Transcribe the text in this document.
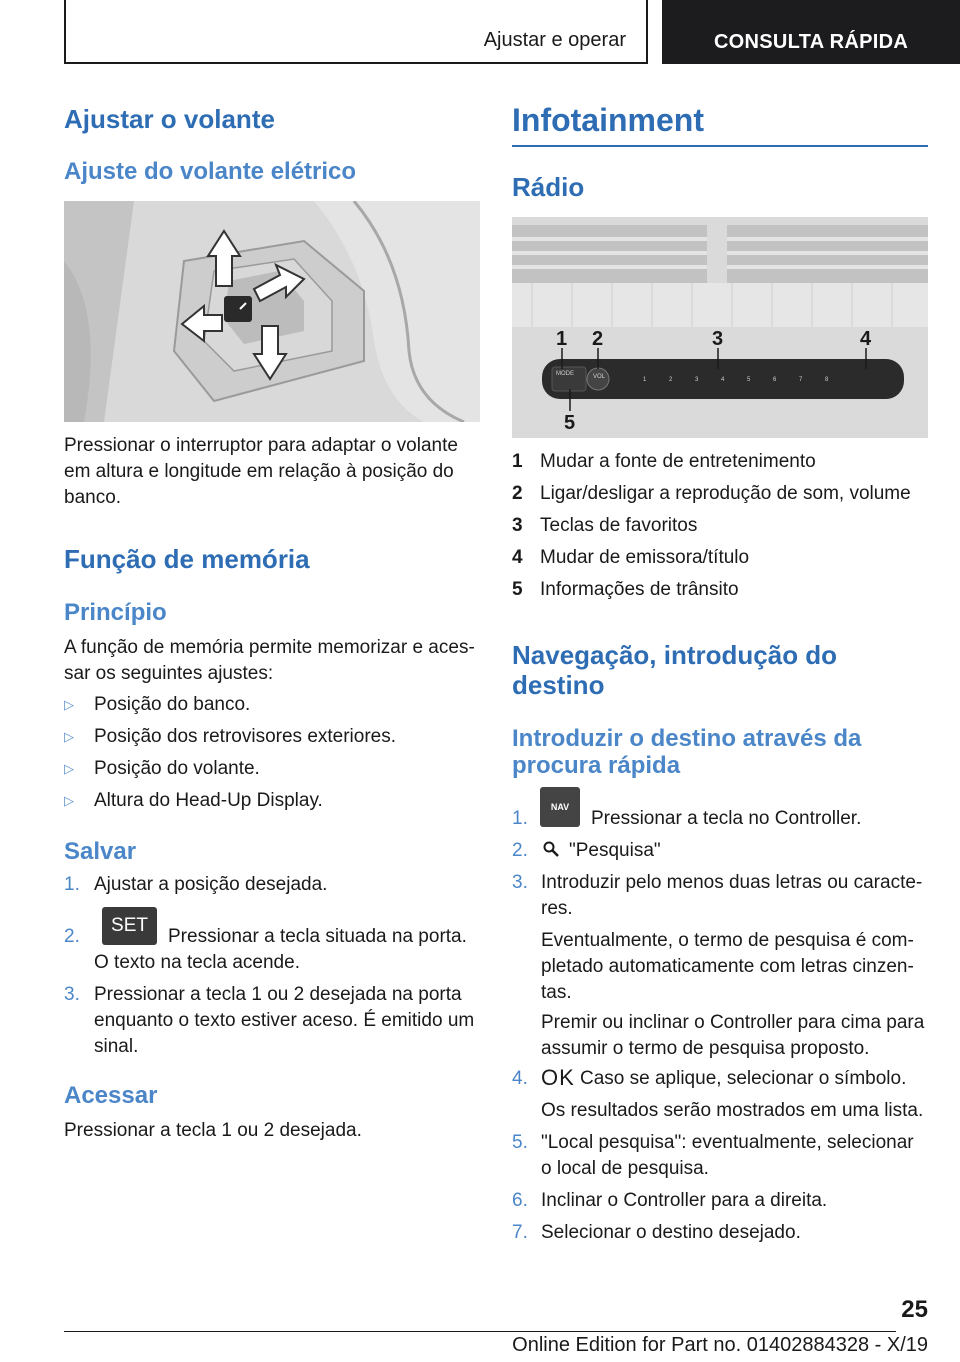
Ajustar e operar	CONSULTA RÁPIDA
Ajustar o volante
Ajuste do volante elétrico
Pressionar o interruptor para adaptar o volante
em altura e longitude em relação à posição do
banco.
Função de memória
Princípio
A função de memória permite memorizar e aces-
sar os seguintes ajustes:
▷ Posição do banco.
▷ Posição dos retrovisores exteriores.
▷ Posição do volante.
▷ Altura do Head-Up Display.
Salvar
1. Ajustar a posição desejada.
2.
SET
Pressionar a tecla situada na porta.
O texto na tecla acende.
3. Pressionar a tecla 1 ou 2 desejada na porta
enquanto o texto estiver aceso. É emitido um
sinal.
Acessar
Pressionar a tecla 1 ou 2 desejada.
Infotainment
Rádio
MODE	VOL	1	2	3	4	5	6	7	8
1 2	3	4
5
1 Mudar a fonte de entretenimento
2 Ligar/desligar a reprodução de som, volume
3 Teclas de favoritos
4 Mudar de emissora/título
5 Informações de trânsito
Navegação, introdução do
destino
Introduzir o destino através da
procura rápida
1.
NAV
Pressionar a tecla no Controller.
2. "Pesquisa"
3. Introduzir pelo menos duas letras ou caracte-
res.
Eventualmente, o termo de pesquisa é com-
pletado automaticamente com letras cinzen-
tas.
Premir ou inclinar o Controller para cima para
assumir o termo de pesquisa proposto.
4. OK Caso se aplique, selecionar o símbolo.
Os resultados serão mostrados em uma lista.
5. "Local pesquisa": eventualmente, selecionar
o local de pesquisa.
6. Inclinar o Controller para a direita.
7. Selecionar o destino desejado.
25
Online Edition for Part no. 01402884328 - X/19
